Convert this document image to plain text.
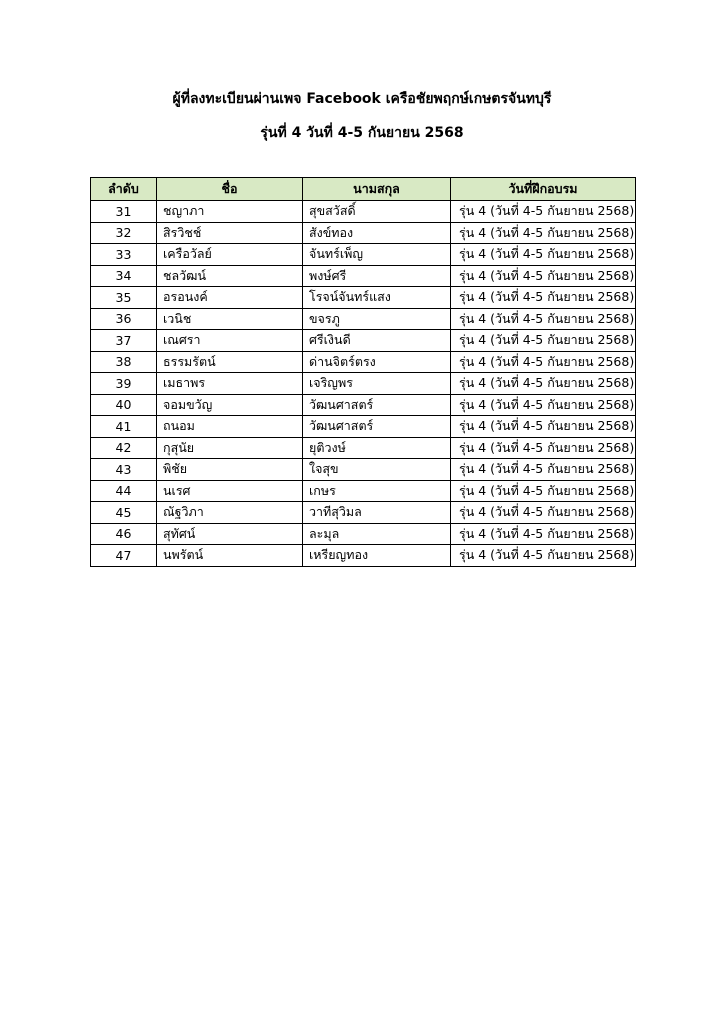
ผู้ที่ลงทะเบียนผ่านเพจ Facebook เครือชัยพฤกษ์เกษตรจันทบุรี
รุ่นที่ 4 วันที่ 4-5 กันยายน 2568
ลำดับ	ชื่อ	นามสกุล	วันที่ฝึกอบรม
31	ชญาภา	สุขสวัสดิ์	รุ่น 4 (วันที่ 4-5 กันยายน 2568)
32	สิรวิชช์	สังข์ทอง	รุ่น 4 (วันที่ 4-5 กันยายน 2568)
33	เครือวัลย์	จันทร์เพ็ญ	รุ่น 4 (วันที่ 4-5 กันยายน 2568)
34	ชลวัฒน์	พงษ์ศรี	รุ่น 4 (วันที่ 4-5 กันยายน 2568)
35	อรอนงค์	โรจน์จันทร์แสง	รุ่น 4 (วันที่ 4-5 กันยายน 2568)
36	เวนิช	ขจรภู	รุ่น 4 (วันที่ 4-5 กันยายน 2568)
37	เณศรา	ศรีเงินดี	รุ่น 4 (วันที่ 4-5 กันยายน 2568)
38	ธรรมรัตน์	ด่านจิตร์ตรง	รุ่น 4 (วันที่ 4-5 กันยายน 2568)
39	เมธาพร	เจริญพร	รุ่น 4 (วันที่ 4-5 กันยายน 2568)
40	จอมขวัญ	วัฒนศาสตร์	รุ่น 4 (วันที่ 4-5 กันยายน 2568)
41	ถนอม	วัฒนศาสตร์	รุ่น 4 (วันที่ 4-5 กันยายน 2568)
42	กุสุนัย	ยุติวงษ์	รุ่น 4 (วันที่ 4-5 กันยายน 2568)
43	พิชัย	ใจสุข	รุ่น 4 (วันที่ 4-5 กันยายน 2568)
44	นเรศ	เกษร	รุ่น 4 (วันที่ 4-5 กันยายน 2568)
45	ณัฐวิภา	วาทีสุวิมล	รุ่น 4 (วันที่ 4-5 กันยายน 2568)
46	สุทัศน์	ละมุล	รุ่น 4 (วันที่ 4-5 กันยายน 2568)
47	นพรัตน์	เหรียญทอง	รุ่น 4 (วันที่ 4-5 กันยายน 2568)
